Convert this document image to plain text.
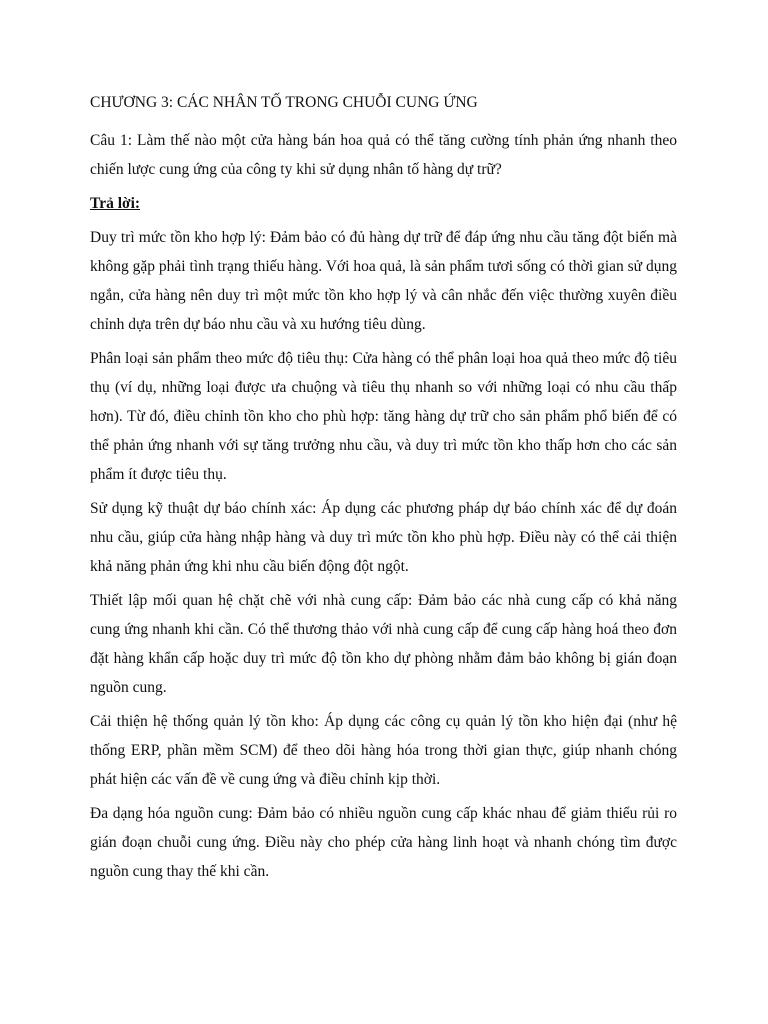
CHƯƠNG 3: CÁC NHÂN TỐ TRONG CHUỖI CUNG ỨNG

Câu 1: Làm thế nào một cửa hàng bán hoa quả có thể tăng cường tính phản ứng nhanh theo chiến lược cung ứng của công ty khi sử dụng nhân tố hàng dự trữ?

Trả lời:

Duy trì mức tồn kho hợp lý: Đảm bảo có đủ hàng dự trữ để đáp ứng nhu cầu tăng đột biến mà không gặp phải tình trạng thiếu hàng. Với hoa quả, là sản phẩm tươi sống có thời gian sử dụng ngắn, cửa hàng nên duy trì một mức tồn kho hợp lý và cân nhắc đến việc thường xuyên điều chỉnh dựa trên dự báo nhu cầu và xu hướng tiêu dùng.

Phân loại sản phẩm theo mức độ tiêu thụ: Cửa hàng có thể phân loại hoa quả theo mức độ tiêu thụ (ví dụ, những loại được ưa chuộng và tiêu thụ nhanh so với những loại có nhu cầu thấp hơn). Từ đó, điều chỉnh tồn kho cho phù hợp: tăng hàng dự trữ cho sản phẩm phổ biến để có thể phản ứng nhanh với sự tăng trưởng nhu cầu, và duy trì mức tồn kho thấp hơn cho các sản phẩm ít được tiêu thụ.

Sử dụng kỹ thuật dự báo chính xác: Áp dụng các phương pháp dự báo chính xác để dự đoán nhu cầu, giúp cửa hàng nhập hàng và duy trì mức tồn kho phù hợp. Điều này có thể cải thiện khả năng phản ứng khi nhu cầu biến động đột ngột.

Thiết lập mối quan hệ chặt chẽ với nhà cung cấp: Đảm bảo các nhà cung cấp có khả năng cung ứng nhanh khi cần. Có thể thương thảo với nhà cung cấp để cung cấp hàng hoá theo đơn đặt hàng khẩn cấp hoặc duy trì mức độ tồn kho dự phòng nhằm đảm bảo không bị gián đoạn nguồn cung.

Cải thiện hệ thống quản lý tồn kho: Áp dụng các công cụ quản lý tồn kho hiện đại (như hệ thống ERP, phần mềm SCM) để theo dõi hàng hóa trong thời gian thực, giúp nhanh chóng phát hiện các vấn đề về cung ứng và điều chỉnh kịp thời.

Đa dạng hóa nguồn cung: Đảm bảo có nhiều nguồn cung cấp khác nhau để giảm thiểu rủi ro gián đoạn chuỗi cung ứng. Điều này cho phép cửa hàng linh hoạt và nhanh chóng tìm được nguồn cung thay thế khi cần.
